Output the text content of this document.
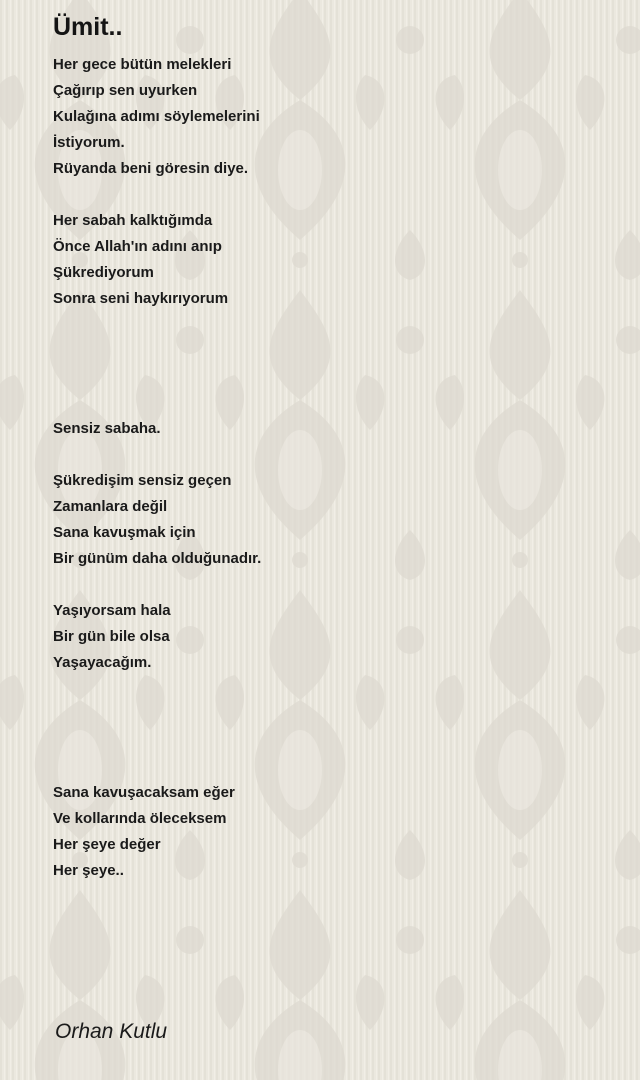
Ümit..
Her gece bütün melekleri
Çağırıp sen uyurken
Kulağına adımı söylemelerini
İstiyorum.
Rüyanda beni göresin diye.
Her sabah kalktığımda
Önce Allah'ın adını anıp
Şükrediyorum
Sonra seni haykırıyorum
Sensiz sabaha.
Şükredişim sensiz geçen
Zamanlara değil
Sana kavuşmak için
Bir günüm daha olduğunadır.
Yaşıyorsam hala
Bir gün bile olsa
Yaşayacağım.
Sana kavuşacaksam eğer
Ve kollarında öleceksem
Her şeye değer
Her şeye..
Orhan Kutlu
